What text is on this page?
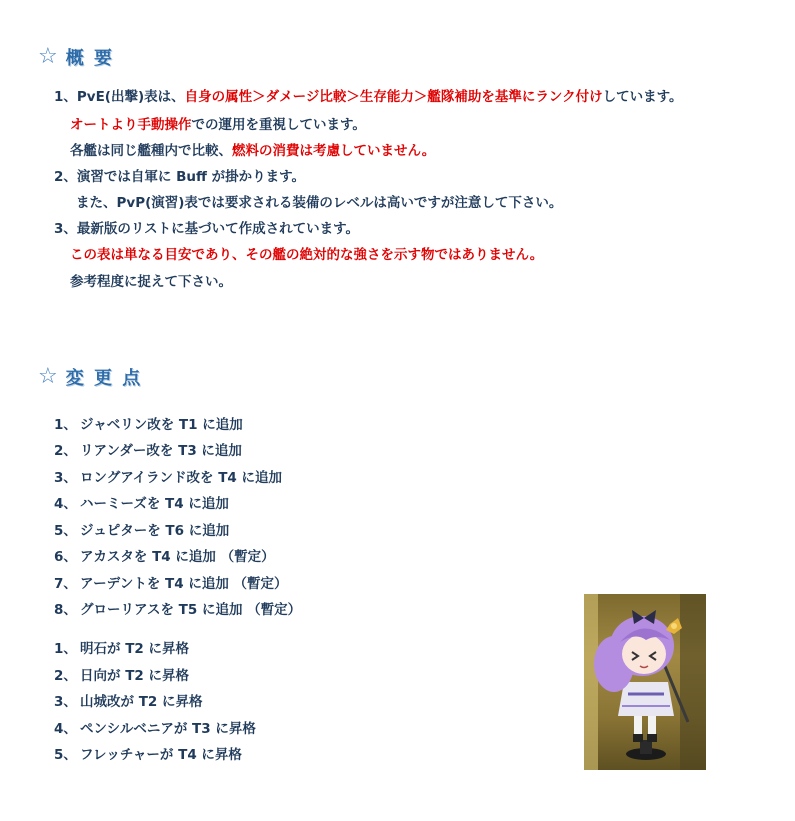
☆ 概 要
1、PvE(出撃)表は、自身の属性＞ダメージ比較＞生存能力＞艦隊補助を基準にランク付けしています。
オートより手動操作での運用を重視しています。
各艦は同じ艦種内で比較、燃料の消費は考慮していません。
2、演習では自軍に Buff が掛かります。
また、PvP(演習)表では要求される装備のレベルは高いですが注意して下さい。
3、最新版のリストに基づいて作成されています。
この表は単なる目安であり、その艦の絶対的な強さを示す物ではありません。
参考程度に捉えて下さい。
☆ 変 更 点
1、 ジャベリン改を T1 に追加
2、 リアンダー改を T3 に追加
3、 ロングアイランド改を T4 に追加
4、 ハーミーズを T4 に追加
5、 ジュピターを T6 に追加
6、 アカスタを T4 に追加 （暫定）
7、 アーデントを T4 に追加 （暫定）
8、 グローリアスを T5 に追加 （暫定）
1、 明石が T2 に昇格
2、 日向が T2 に昇格
3、 山城改が T2 に昇格
4、 ペンシルベニアが T3 に昇格
5、 フレッチャーが T4 に昇格
